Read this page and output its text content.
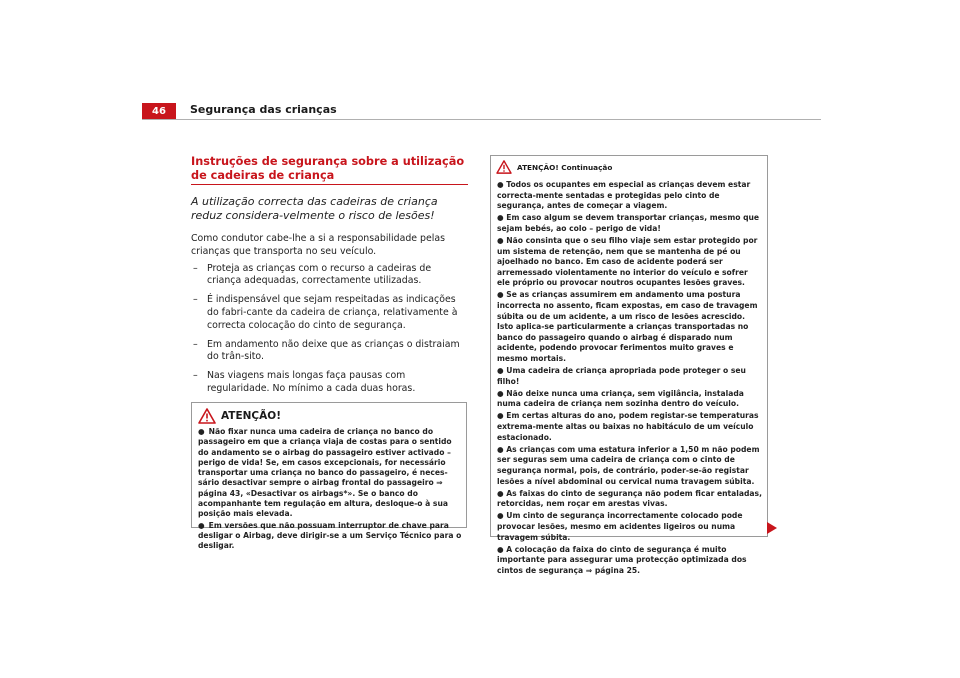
46	Segurança das crianças
Instruções de segurança sobre a utilização de cadeiras de criança
A utilização correcta das cadeiras de criança reduz considera-velmente o risco de lesões!
Como condutor cabe-lhe a si a responsabilidade pelas crianças que transporta no seu veículo.
– Proteja as crianças com o recurso a cadeiras de criança adequadas, correctamente utilizadas.
– É indispensável que sejam respeitadas as indicações do fabri-cante da cadeira de criança, relativamente à correcta colocação do cinto de segurança.
– Em andamento não deixe que as crianças o distraiam do trân-sito.
– Nas viagens mais longas faça pausas com regularidade. No mínimo a cada duas horas.
ATENÇÃO!
● Não fixar nunca uma cadeira de criança no banco do passageiro em que a criança viaja de costas para o sentido do andamento se o airbag do passageiro estiver activado – perigo de vida! Se, em casos excepcionais, for necessário transportar uma criança no banco do passageiro, é neces-sário desactivar sempre o airbag frontal do passageiro ⇒ página 43, «Desactivar os airbags*». Se o banco do acompanhante tem regulação em altura, desloque-o à sua posição mais elevada.
● Em versões que não possuam interruptor de chave para desligar o Airbag, deve dirigir-se a um Serviço Técnico para o desligar.
ATENÇÃO! Continuação
● Todos os ocupantes em especial as crianças devem estar correcta-mente sentadas e protegidas pelo cinto de segurança, antes de começar a viagem.
● Em caso algum se devem transportar crianças, mesmo que sejam bebés, ao colo – perigo de vida!
● Não consinta que o seu filho viaje sem estar protegido por um sistema de retenção, nem que se mantenha de pé ou ajoelhado no banco. Em caso de acidente poderá ser arremessado violentamente no interior do veículo e sofrer ele próprio ou provocar noutros ocupantes lesões graves.
● Se as crianças assumirem em andamento uma postura incorrecta no assento, ficam expostas, em caso de travagem súbita ou de um acidente, a um risco de lesões acrescido. Isto aplica-se particularmente a crianças transportadas no banco do passageiro quando o airbag é disparado num acidente, podendo provocar ferimentos muito graves e mesmo mortais.
● Uma cadeira de criança apropriada pode proteger o seu filho!
● Não deixe nunca uma criança, sem vigilância, instalada numa cadeira de criança nem sozinha dentro do veículo.
● Em certas alturas do ano, podem registar-se temperaturas extrema-mente altas ou baixas no habitáculo de um veículo estacionado.
● As crianças com uma estatura inferior a 1,50 m não podem ser seguras sem uma cadeira de criança com o cinto de segurança normal, pois, de contrário, poder-se-ão registar lesões a nível abdominal ou cervical numa travagem súbita.
● As faixas do cinto de segurança não podem ficar entaladas, retorcidas, nem roçar em arestas vivas.
● Um cinto de segurança incorrectamente colocado pode provocar lesões, mesmo em acidentes ligeiros ou numa travagem súbita.
● A colocação da faixa do cinto de segurança é muito importante para assegurar uma protecção optimizada dos cintos de segurança ⇒ página 25.
